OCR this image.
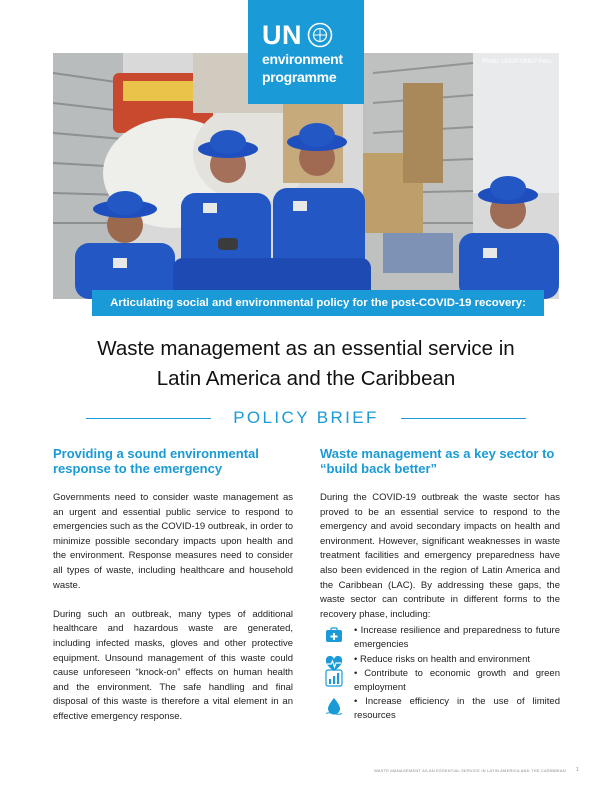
Photo: UNDP-UNEP Peru.
UN
environment
programme
Articulating social and environmental policy for the post-COVID-19 recovery:
Waste management as an essential service in
Latin America and the Caribbean
POLICY BRIEF
Providing a sound environmental response to the emergency

Governments need to consider waste management as an urgent and essential public service to respond to emergencies such as the COVID-19 outbreak, in order to minimize possible secondary impacts upon health and the environment. Response measures need to consider all types of waste, including healthcare and household waste.

During such an outbreak, many types of additional healthcare and hazardous waste are generated, including infected masks, gloves and other protective equipment. Unsound management of this waste could cause unforeseen “knock-on” effects on human health and the environment. The safe handling and final disposal of this waste is therefore a vital element in an effective emergency response.

Waste management as a key sector to “build back better”

During the COVID-19 outbreak the waste sector has proved to be an essential service to respond to the emergency and avoid secondary impacts on health and environment. However, significant weaknesses in waste treatment facilities and emergency preparedness have also been evidenced in the region of Latin America and the Caribbean (LAC). By addressing these gaps, the waste sector can contribute in different forms to the recovery phase, including:

• Increase resilience and preparedness to future emergencies
• Reduce risks on health and environment
• Contribute to economic growth and green employment
• Increase efficiency in the use of limited resources
WASTE MANAGEMENT AS AN ESSENTIAL SERVICE IN LATIN AMERICA AND THE CARIBBEAN 1
